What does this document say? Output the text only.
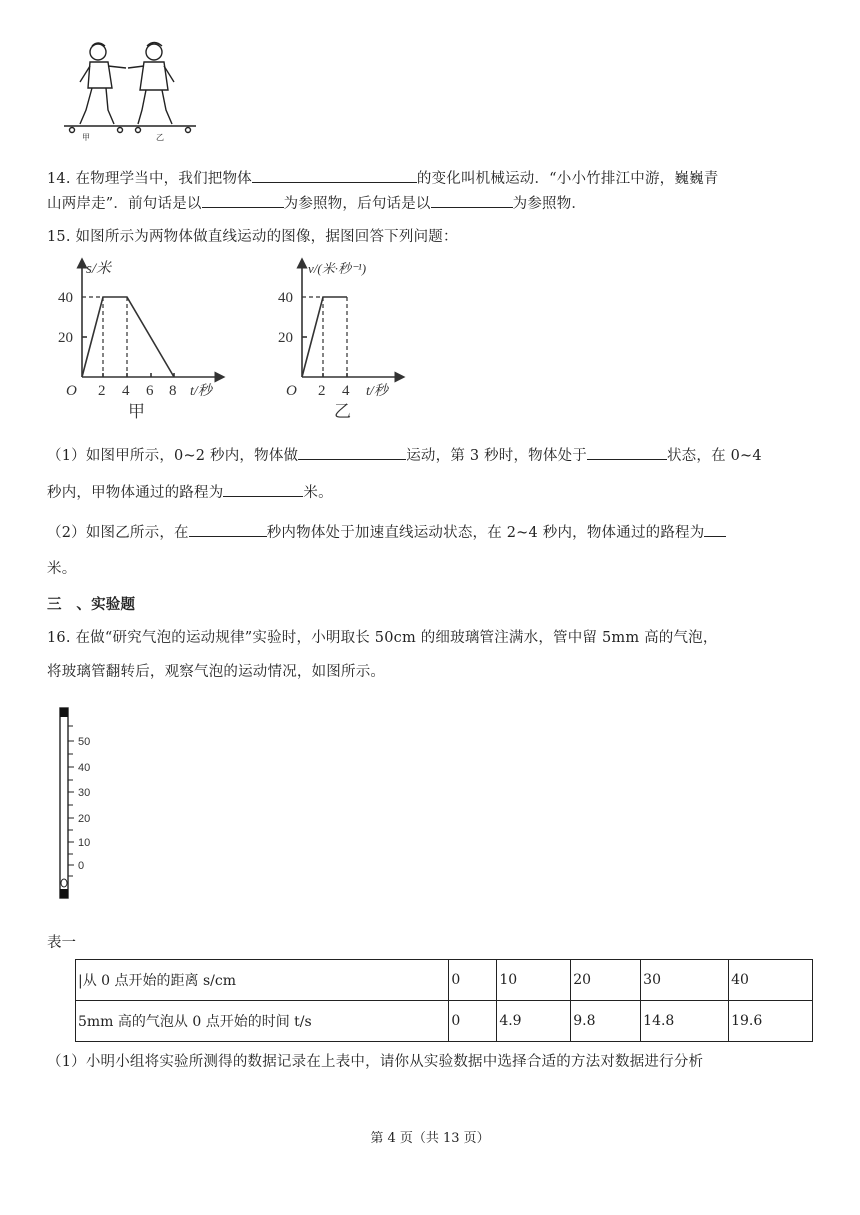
甲	乙
14. 在物理学当中，我们把物体	的变化叫机械运动．“小小竹排江中游，巍巍青
山两岸走”．前句话是以	为参照物，后句话是以	为参照物．
15. 如图所示为两物体做直线运动的图像，据图回答下列问题：
s/米
40
20
O 2 4 6 8 t/秒
甲
v/(米·秒⁻¹)
40
20
O 2 4 t/秒
乙
（1）如图甲所示，0~2 秒内，物体做	运动，第 3 秒时，物体处于	状态，在 0~4
秒内，甲物体通过的路程为	米。
（2）如图乙所示，在	秒内物体处于加速直线运动状态，在 2~4 秒内，物体通过的路程为
米。
三　、实验题
16. 在做“研究气泡的运动规律”实验时，小明取长 50cm 的细玻璃管注满水，管中留 5mm 高的气泡，
将玻璃管翻转后，观察气泡的运动情况，如图所示。
50
40
30
20
10
0
表一
|从 0 点开始的距离 s/cm	0	10	20	30	40
5mm 高的气泡从 0 点开始的时间 t/s	0	4.9	9.8	14.8	19.6
（1）小明小组将实验所测得的数据记录在上表中，请你从实验数据中选择合适的方法对数据进行分析
第 4 页（共 13 页）
